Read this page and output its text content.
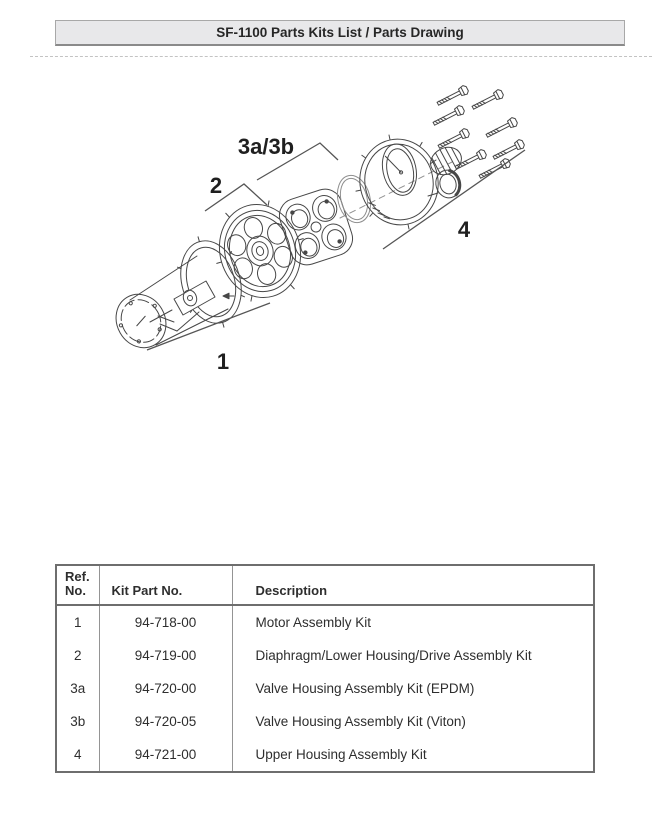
SF-1100 Parts Kits List / Parts Drawing
1
2
3a/3b
4
Ref.
No.	Kit Part No.	Description
1	94-718-00	Motor Assembly Kit
2	94-719-00	Diaphragm/Lower Housing/Drive Assembly Kit
3a	94-720-00	Valve Housing Assembly Kit (EPDM)
3b	94-720-05	Valve Housing Assembly Kit (Viton)
4	94-721-00	Upper Housing Assembly Kit
